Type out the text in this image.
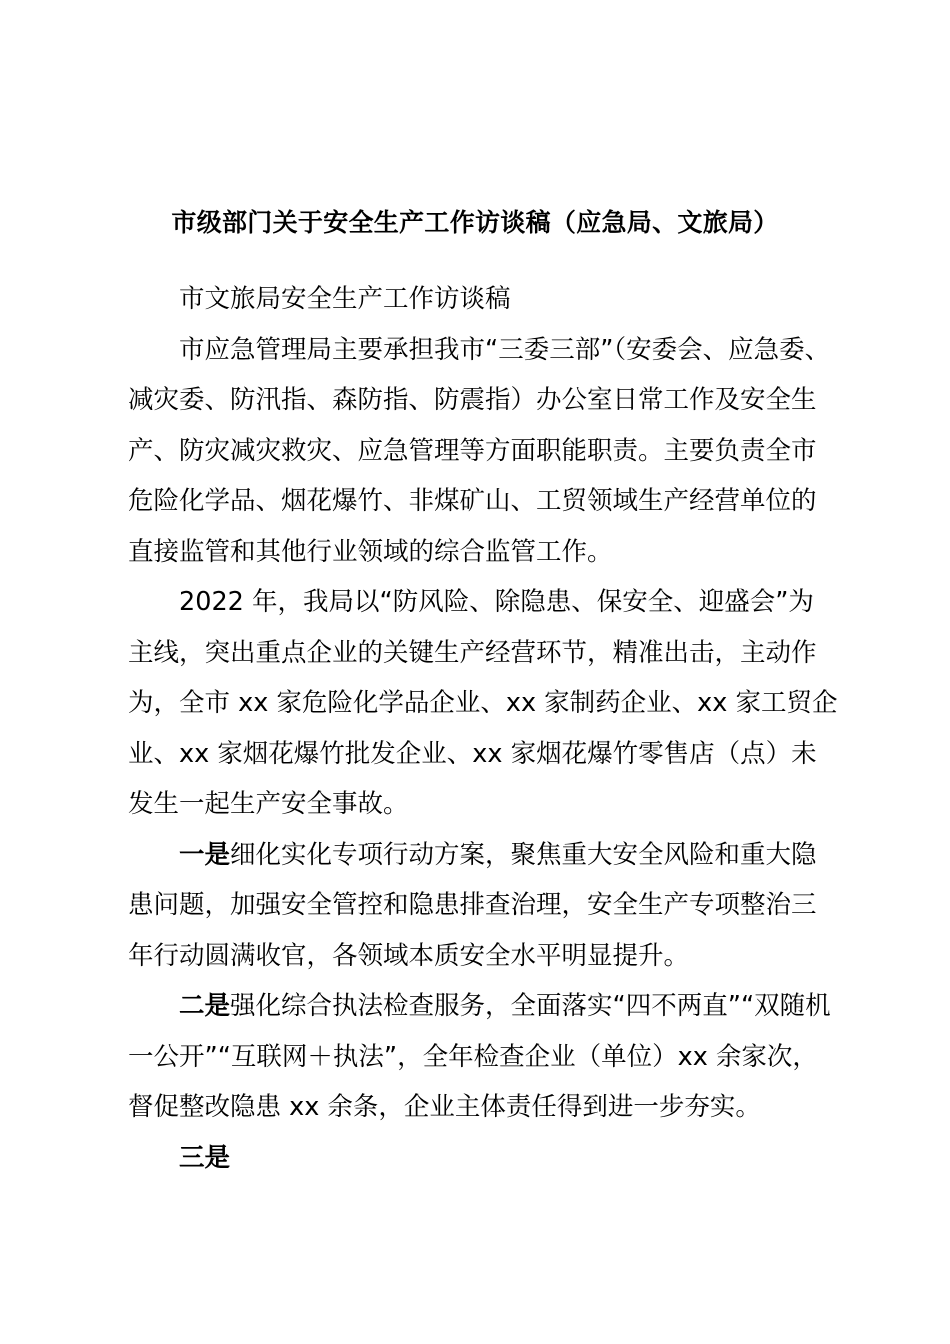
市级部门关于安全生产工作访谈稿（应急局、文旅局）
市文旅局安全生产工作访谈稿
市应急管理局主要承担我市“三委三部”（安委会、应急委、
减灾委、防汛指、森防指、防震指）办公室日常工作及安全生
产、防灾减灾救灾、应急管理等方面职能职责。主要负责全市
危险化学品、烟花爆竹、非煤矿山、工贸领域生产经营单位的
直接监管和其他行业领域的综合监管工作。
2022 年，我局以“防风险、除隐患、保安全、迎盛会”为
主线，突出重点企业的关键生产经营环节，精准出击，主动作
为，全市 xx 家危险化学品企业、xx 家制药企业、xx 家工贸企
业、xx 家烟花爆竹批发企业、xx 家烟花爆竹零售店（点）未
发生一起生产安全事故。
一是细化实化专项行动方案，聚焦重大安全风险和重大隐
患问题，加强安全管控和隐患排查治理，安全生产专项整治三
年行动圆满收官，各领域本质安全水平明显提升。
二是强化综合执法检查服务，全面落实“四不两直”“双随机
一公开”“互联网＋执法”，全年检查企业（单位）xx 余家次，
督促整改隐患 xx 余条，企业主体责任得到进一步夯实。
三是
